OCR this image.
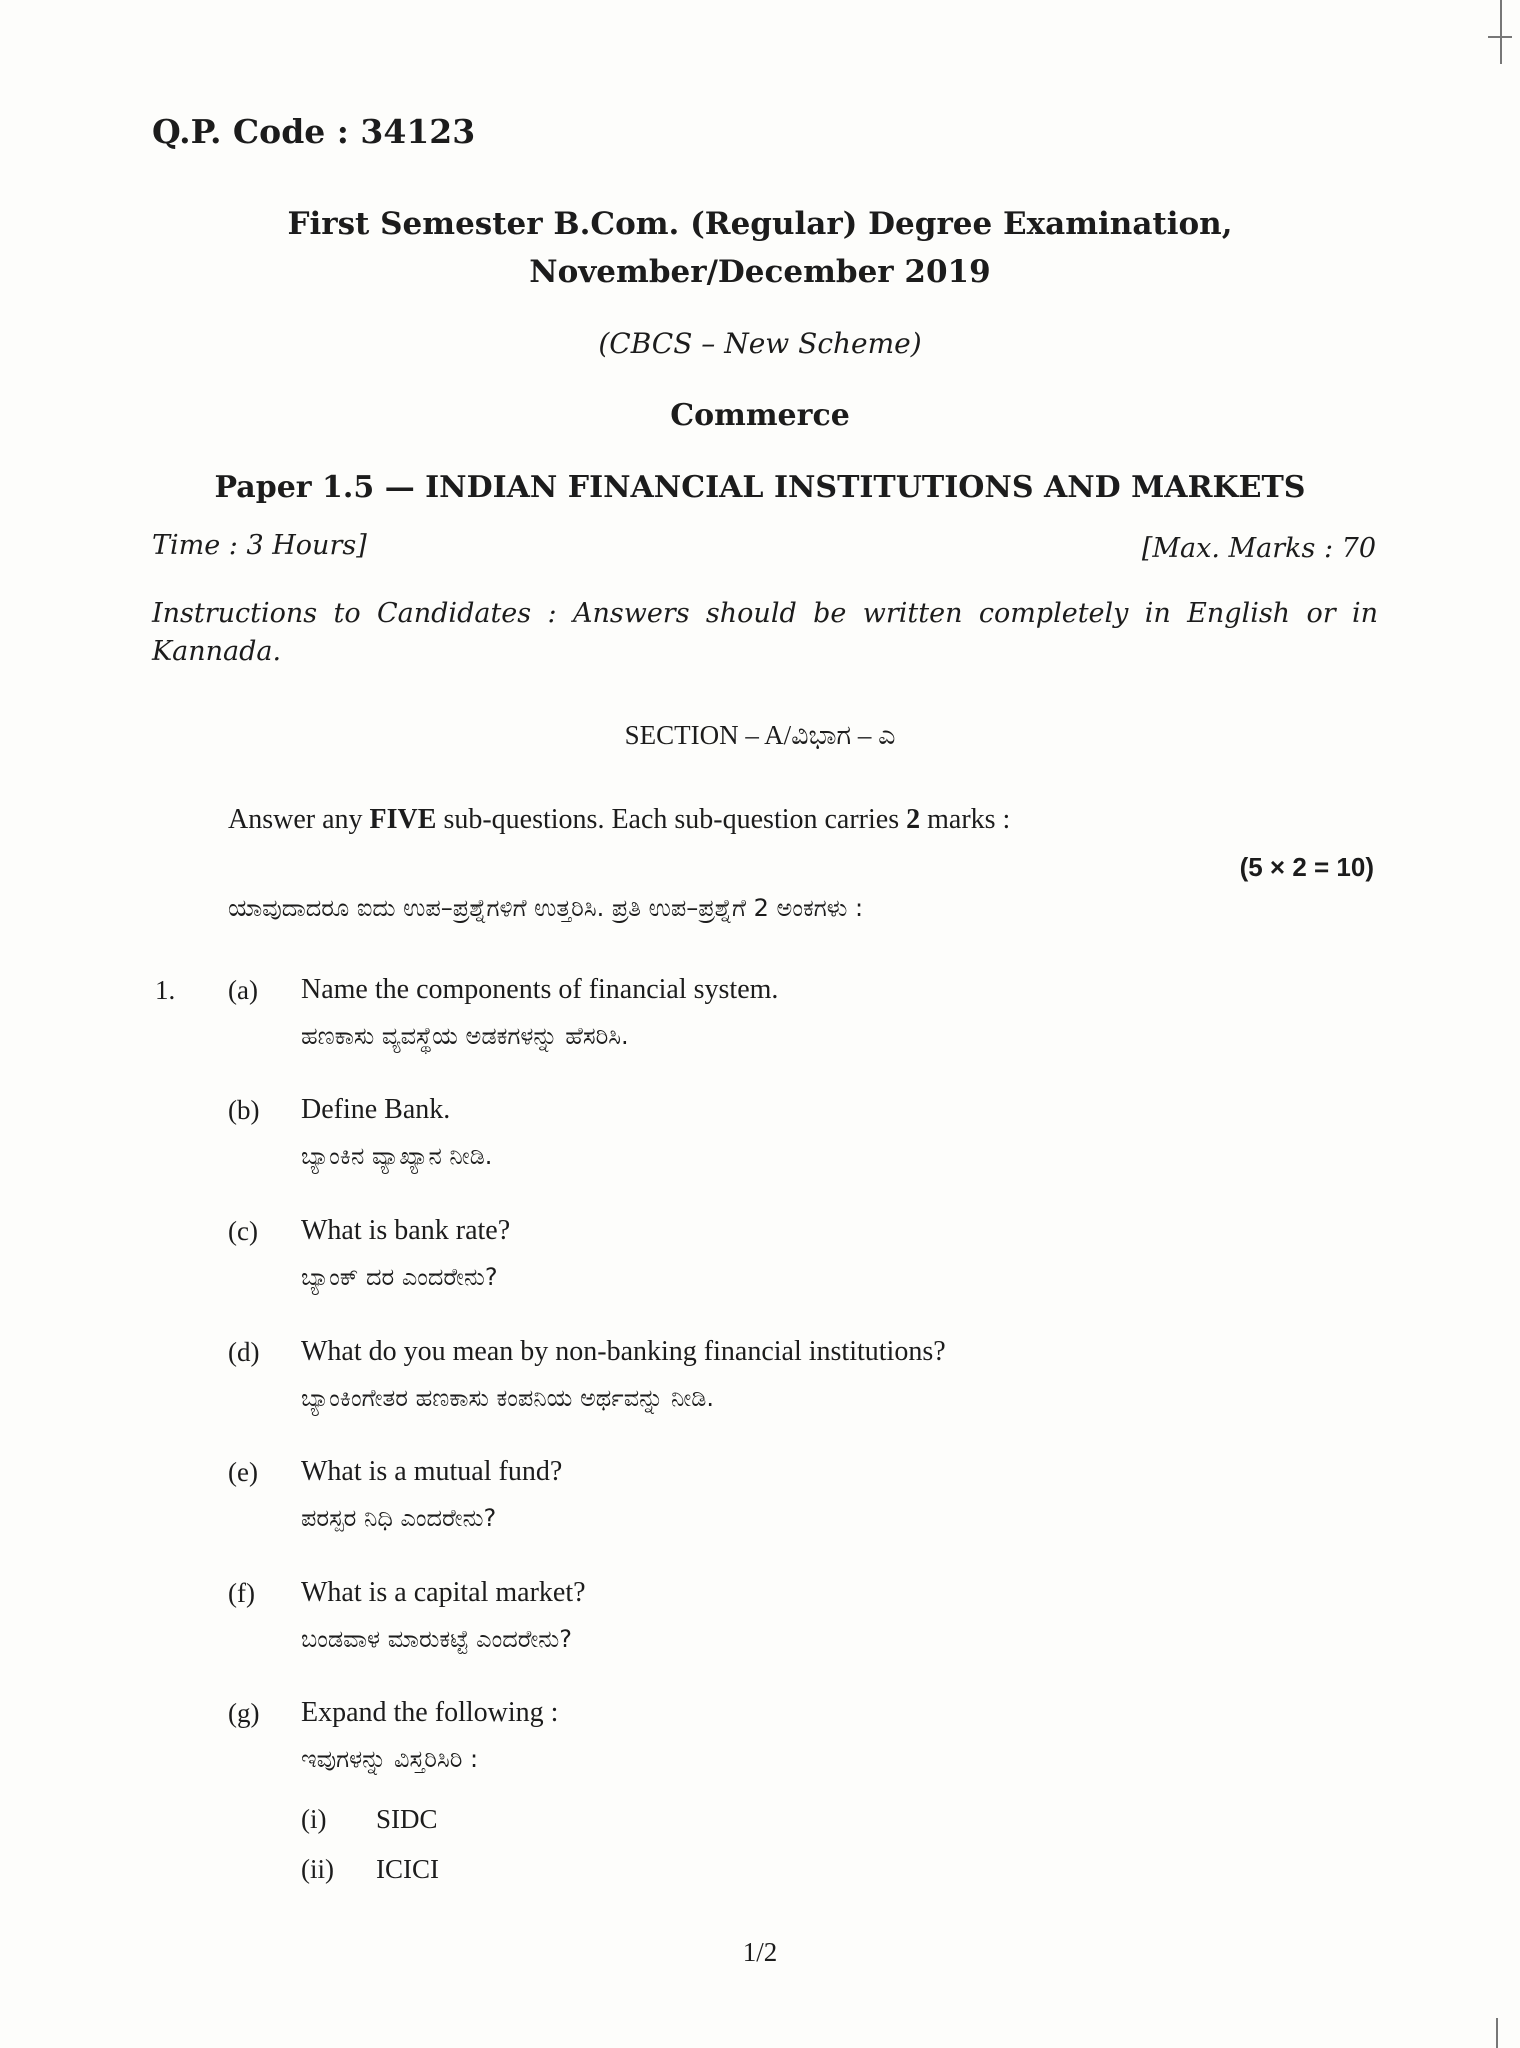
Q.P. Code : 34123
First Semester B.Com. (Regular) Degree Examination,
November/December 2019
(CBCS – New Scheme)
Commerce
Paper 1.5 — INDIAN FINANCIAL INSTITUTIONS AND MARKETS
Time : 3 Hours]	[Max. Marks : 70
Instructions to Candidates : Answers should be written completely in English or in Kannada.
SECTION – A/ವಿಭಾಗ – ಎ
Answer any FIVE sub-questions. Each sub-question carries 2 marks :
(5 × 2 = 10)
ಯಾವುದಾದರೂ ಐದು ಉಪ–ಪ್ರಶ್ನೆಗಳಿಗೆ ಉತ್ತರಿಸಿ. ಪ್ರತಿ ಉಪ–ಪ್ರಶ್ನೆಗೆ 2 ಅಂಕಗಳು :
1. (a) Name the components of financial system.
ಹಣಕಾಸು ವ್ಯವಸ್ಥೆಯ ಅಡಕಗಳನ್ನು ಹೆಸರಿಸಿ.
(b) Define Bank.
ಬ್ಯಾಂಕಿನ ವ್ಯಾಖ್ಯಾನ ನೀಡಿ.
(c) What is bank rate?
ಬ್ಯಾಂಕ್ ದರ ಎಂದರೇನು?
(d) What do you mean by non-banking financial institutions?
ಬ್ಯಾಂಕಿಂಗೇತರ ಹಣಕಾಸು ಕಂಪನಿಯ ಅರ್ಥವನ್ನು ನೀಡಿ.
(e) What is a mutual fund?
ಪರಸ್ಪರ ನಿಧಿ ಎಂದರೇನು?
(f) What is a capital market?
ಬಂಡವಾಳ ಮಾರುಕಟ್ಟೆ ಎಂದರೇನು?
(g) Expand the following :
ಇವುಗಳನ್ನು ವಿಸ್ತರಿಸಿರಿ :
(i) SIDC
(ii) ICICI
1/2
